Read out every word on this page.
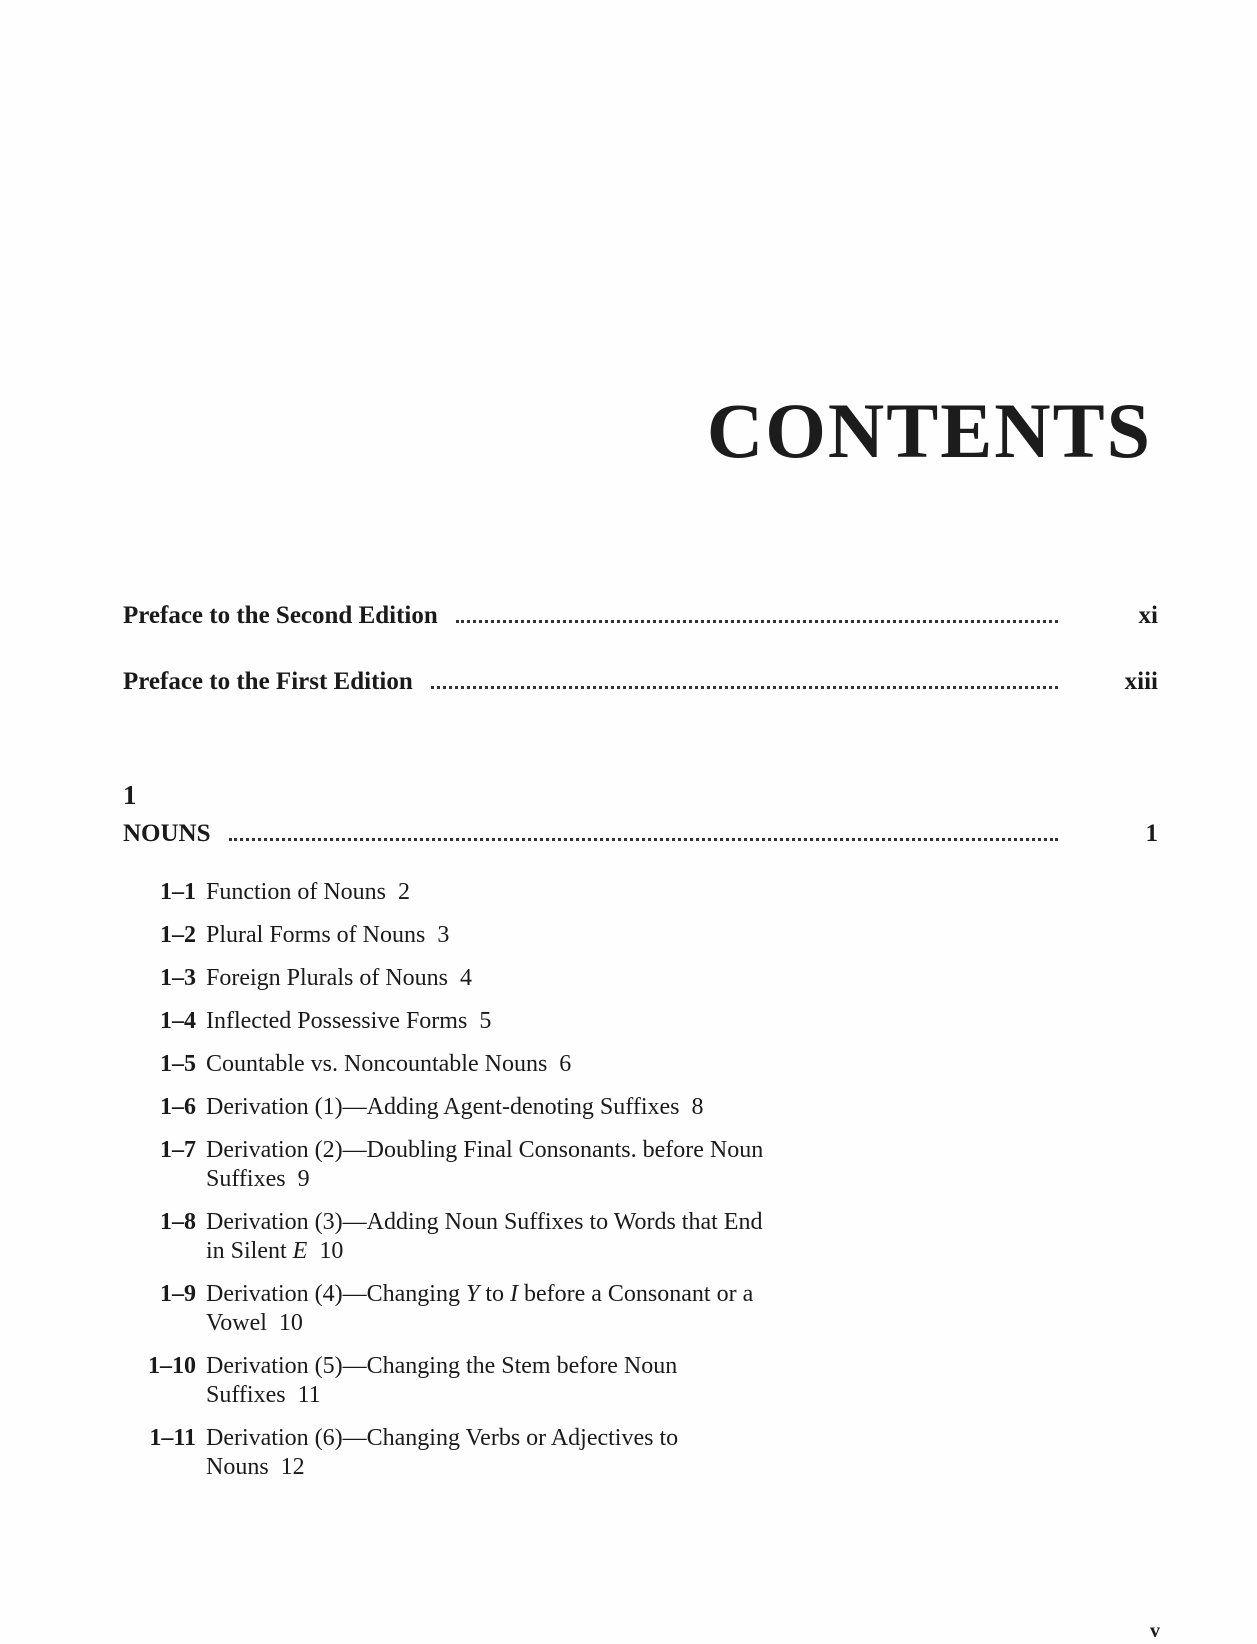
CONTENTS
Preface to the Second Edition	xi
Preface to the First Edition	xiii
1
NOUNS	1
1–1 Function of Nouns 2
1–2 Plural Forms of Nouns 3
1–3 Foreign Plurals of Nouns 4
1–4 Inflected Possessive Forms 5
1–5 Countable vs. Noncountable Nouns 6
1–6 Derivation (1)—Adding Agent-denoting Suffixes 8
1–7 Derivation (2)—Doubling Final Consonants. before Noun Suffixes 9
1–8 Derivation (3)—Adding Noun Suffixes to Words that End in Silent E 10
1–9 Derivation (4)—Changing Y to I before a Consonant or a Vowel 10
1–10 Derivation (5)—Changing the Stem before Noun Suffixes 11
1–11 Derivation (6)—Changing Verbs or Adjectives to Nouns 12
v
